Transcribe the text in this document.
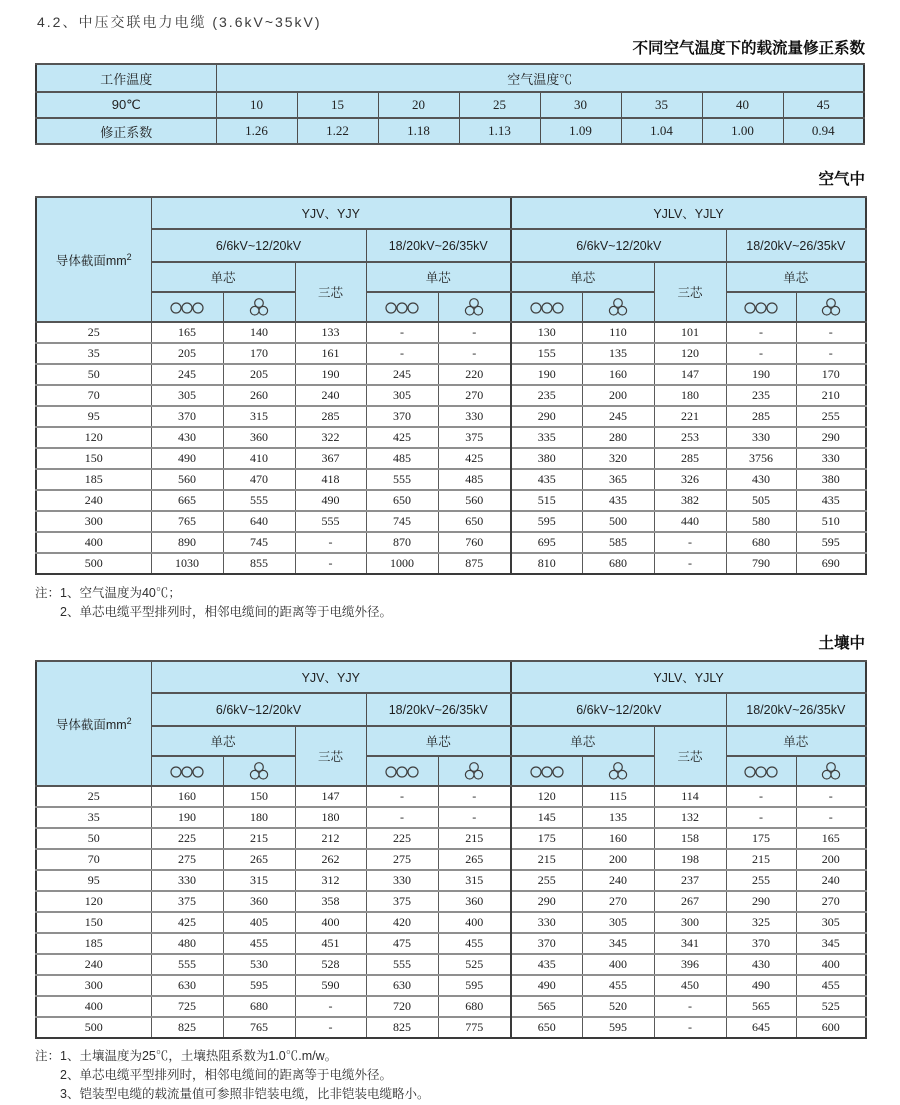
4.2、中压交联电力电缆 (3.6kV~35kV)
不同空气温度下的载流量修正系数
工作温度	空气温度℃							
90℃	10	15	20	25	30	35	40	45
修正系数	1.26	1.22	1.18	1.13	1.09	1.04	1.00	0.94
空气中
导体截面$mm^2$	YJV、YJY					YJLV、YJLY				
	6/6kV~12/20kV			18/20kV~26/35kV		6/6kV~12/20kV			18/20kV~26/35kV	
	单芯		三芯	单芯		单芯		三芯	单芯	

25	165	140	133	-	-	130	110	101	-	-
35	205	170	161	-	-	155	135	120	-	-
50	245	205	190	245	220	190	160	147	190	170
70	305	260	240	305	270	235	200	180	235	210
95	370	315	285	370	330	290	245	221	285	255
120	430	360	322	425	375	335	280	253	330	290
150	490	410	367	485	425	380	320	285	3756	330
185	560	470	418	555	485	435	365	326	430	380
240	665	555	490	650	560	515	435	382	505	435
300	765	640	555	745	650	595	500	440	580	510
400	890	745	-	870	760	695	585	-	680	595
500	1030	855	-	1000	875	810	680	-	790	690
注：1、空气温度为40℃；
2、单芯电缆平型排列时，相邻电缆间的距离等于电缆外径。
土壤中
导体截面$mm^2$	YJV、YJY					YJLV、YJLY				
	6/6kV~12/20kV			18/20kV~26/35kV		6/6kV~12/20kV			18/20kV~26/35kV	
	单芯		三芯	单芯		单芯		三芯	单芯	

25	160	150	147	-	-	120	115	114	-	-
35	190	180	180	-	-	145	135	132	-	-
50	225	215	212	225	215	175	160	158	175	165
70	275	265	262	275	265	215	200	198	215	200
95	330	315	312	330	315	255	240	237	255	240
120	375	360	358	375	360	290	270	267	290	270
150	425	405	400	420	400	330	305	300	325	305
185	480	455	451	475	455	370	345	341	370	345
240	555	530	528	555	525	435	400	396	430	400
300	630	595	590	630	595	490	455	450	490	455
400	725	680	-	720	680	565	520	-	565	525
500	825	765	-	825	775	650	595	-	645	600
注：1、土壤温度为25℃，土壤热阻系数为1.0℃.m/w。
2、单芯电缆平型排列时，相邻电缆间的距离等于电缆外径。
3、铠装型电缆的载流量值可参照非铠装电缆，比非铠装电缆略小。
